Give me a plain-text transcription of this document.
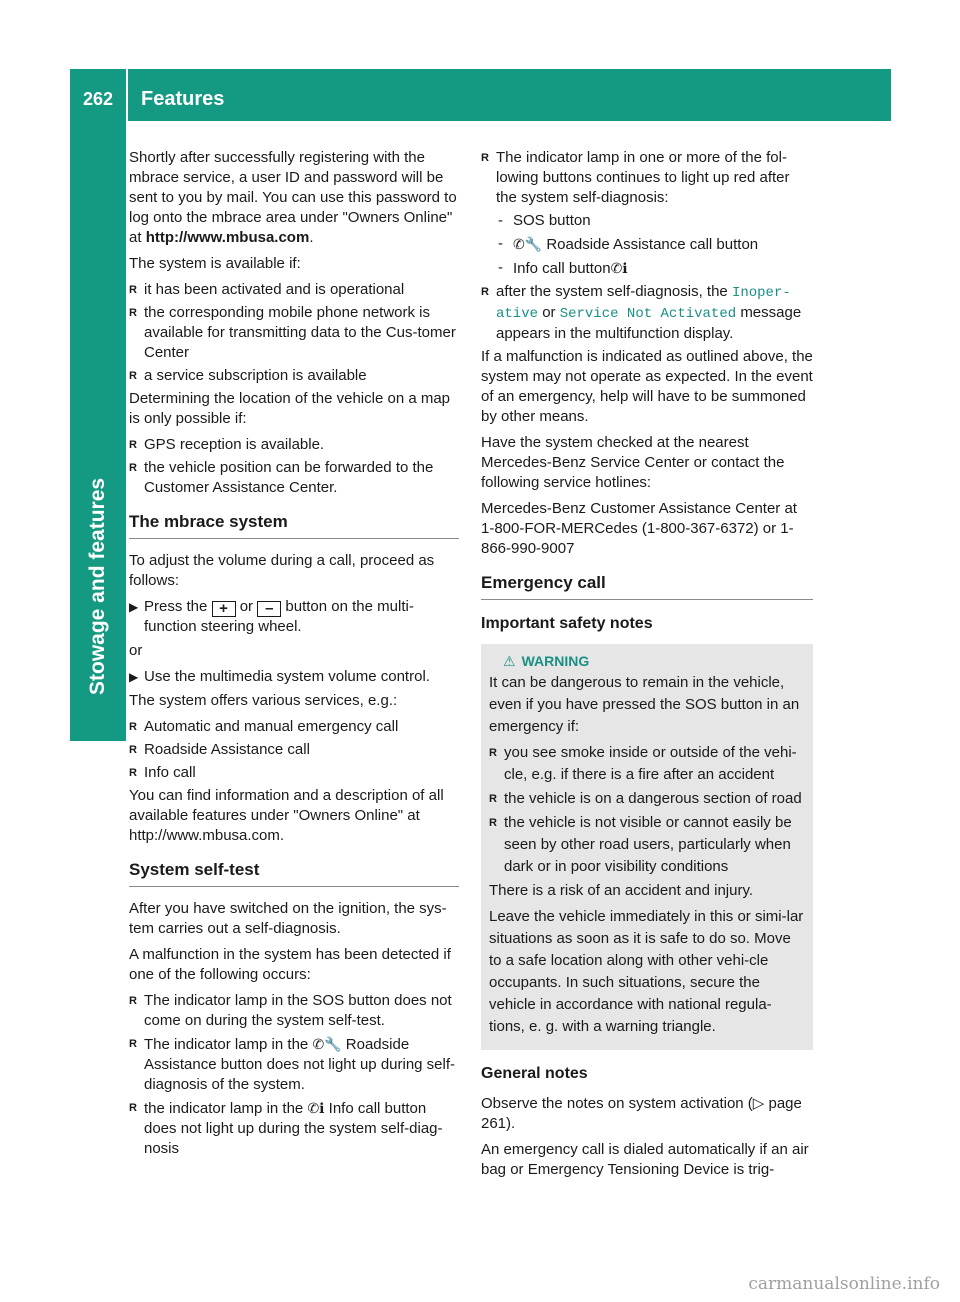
262 Features
Stowage and features

Shortly after successfully registering with the mbrace service, a user ID and password will be sent to you by mail. You can use this password to log onto the mbrace area under "Owners Online" at http://www.mbusa.com.

The system is available if:

R it has been activated and is operational
R the corresponding mobile phone network is available for transmitting data to the Cus-tomer Center
R a service subscription is available

Determining the location of the vehicle on a map is only possible if:

R GPS reception is available.
R the vehicle position can be forwarded to the Customer Assistance Center.
The mbrace system

To adjust the volume during a call, proceed as follows:

▶ Press the + or – button on the multi-function steering wheel.

or

▶ Use the multimedia system volume control.

The system offers various services, e.g.:

R Automatic and manual emergency call
R Roadside Assistance call
R Info call

You can find information and a description of all available features under "Owners Online" at http://www.mbusa.com.

System self-test

After you have switched on the ignition, the sys-tem carries out a self-diagnosis.

A malfunction in the system has been detected if one of the following occurs:

R The indicator lamp in the SOS button does not come on during the system self-test.
R The indicator lamp in the ✆🔧 Roadside Assistance button does not light up during self-diagnosis of the system.
R the indicator lamp in the ✆ℹ Info call button does not light up during the system self-diag-nosis
R The indicator lamp in one or more of the fol-lowing buttons continues to light up red after the system self-diagnosis:
- SOS button
- ✆🔧 Roadside Assistance call button
- Info call button✆ℹ
R after the system self-diagnosis, the Inoper-ative or Service Not Activated message appears in the multifunction display.

If a malfunction is indicated as outlined above, the system may not operate as expected. In the event of an emergency, help will have to be summoned by other means.

Have the system checked at the nearest Mercedes-Benz Service Center or contact the following service hotlines:

Mercedes-Benz Customer Assistance Center at 1-800-FOR-MERCedes (1-800-367-6372) or 1-866-990-9007

Emergency call
Important safety notes
⚠ WARNING

It can be dangerous to remain in the vehicle, even if you have pressed the SOS button in an emergency if:

R you see smoke inside or outside of the vehi-cle, e.g. if there is a fire after an accident
R the vehicle is on a dangerous section of road
R the vehicle is not visible or cannot easily be seen by other road users, particularly when dark or in poor visibility conditions

There is a risk of an accident and injury.

Leave the vehicle immediately in this or simi-lar situations as soon as it is safe to do so. Move to a safe location along with other vehi-cle occupants. In such situations, secure the vehicle in accordance with national regula-tions, e. g. with a warning triangle.

General notes

Observe the notes on system activation (▷ page 261).

An emergency call is dialed automatically if an air bag or Emergency Tensioning Device is trig-

carmanualsonline.info
